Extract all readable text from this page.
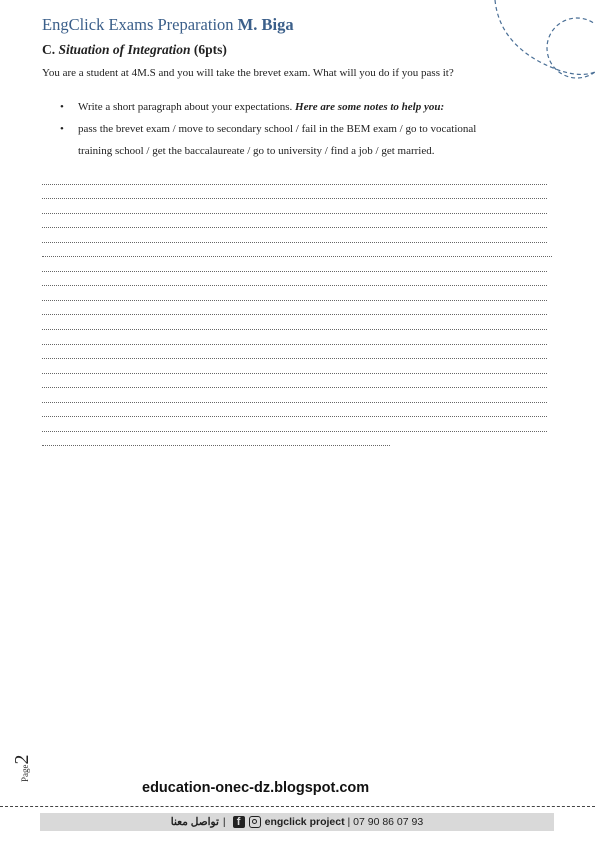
EngClick Exams Preparation M. Biga
C. Situation of Integration (6pts)
You are a student at 4M.S and you will take the brevet exam. What will you do if you pass it?
• Write a short paragraph about your expectations. Here are some notes to help you:
• pass the brevet exam / move to secondary school / fail in the BEM exam / go to vocational
training school / get the baccalaureate / go to university / find a job / get married.
Page2
education-onec-dz.blogspot.com
تواصل معنا |	f	engclick project
| 07 90 86 07 93
